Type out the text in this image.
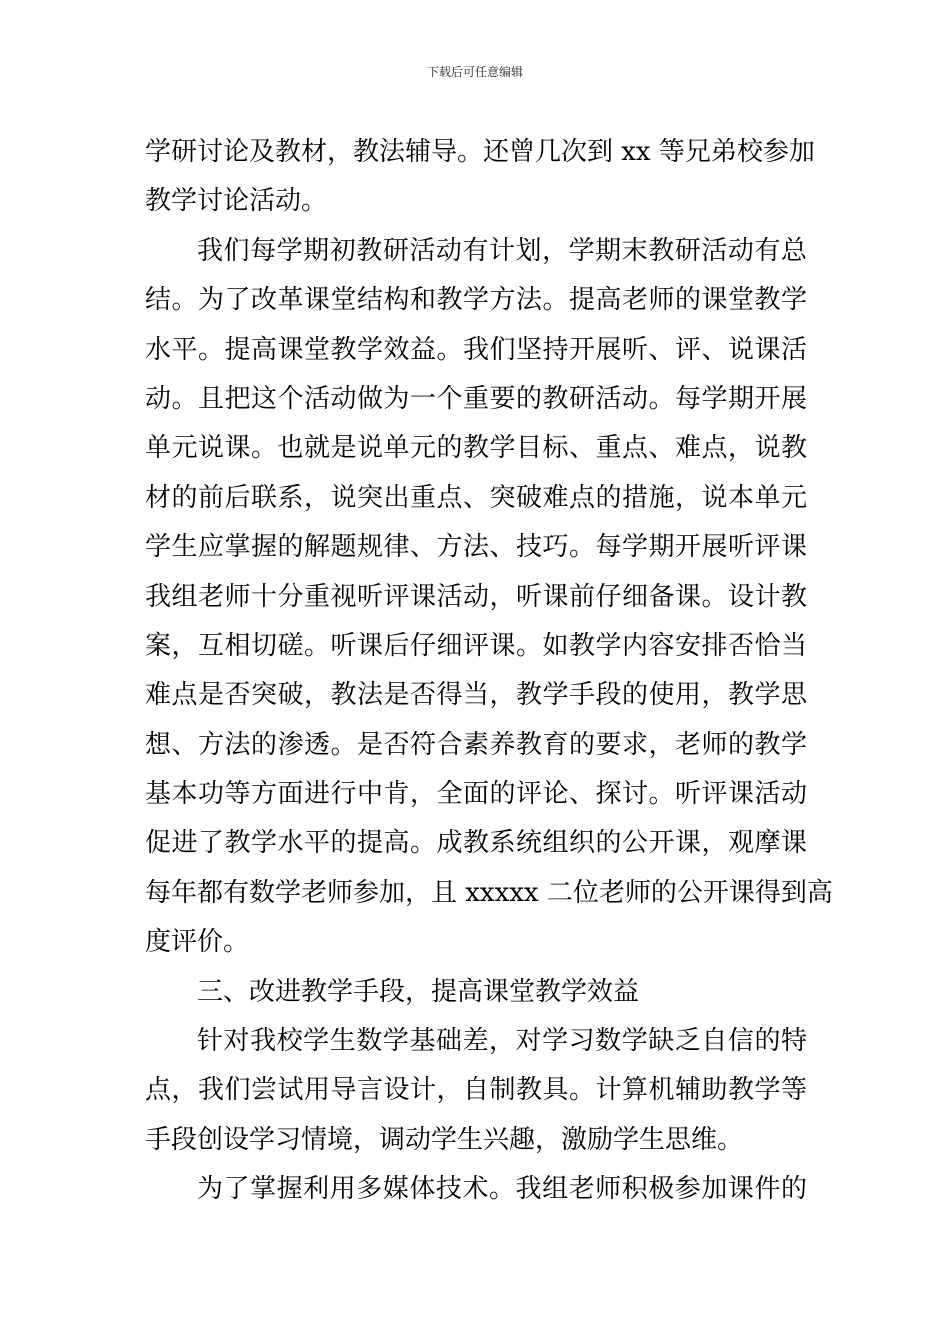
下载后可任意编辑
学研讨论及教材，教法辅导。还曾几次到 xx 等兄弟校参加
教学讨论活动。
我们每学期初教研活动有计划，学期末教研活动有总
结。为了改革课堂结构和教学方法。提高老师的课堂教学
水平。提高课堂教学效益。我们坚持开展听、评、说课活
动。且把这个活动做为一个重要的教研活动。每学期开展
单元说课。也就是说单元的教学目标、重点、难点，说教
材的前后联系，说突出重点、突破难点的措施，说本单元
学生应掌握的解题规律、方法、技巧。每学期开展听评课
我组老师十分重视听评课活动，听课前仔细备课。设计教
案，互相切磋。听课后仔细评课。如教学内容安排否恰当
难点是否突破，教法是否得当，教学手段的使用，教学思
想、方法的渗透。是否符合素养教育的要求，老师的教学
基本功等方面进行中肯，全面的评论、探讨。听评课活动
促进了教学水平的提高。成教系统组织的公开课，观摩课
每年都有数学老师参加，且 xxxxx 二位老师的公开课得到高
度评价。
三、改进教学手段，提高课堂教学效益
针对我校学生数学基础差，对学习数学缺乏自信的特
点，我们尝试用导言设计，自制教具。计算机辅助教学等
手段创设学习情境，调动学生兴趣，激励学生思维。
为了掌握利用多媒体技术。我组老师积极参加课件的
